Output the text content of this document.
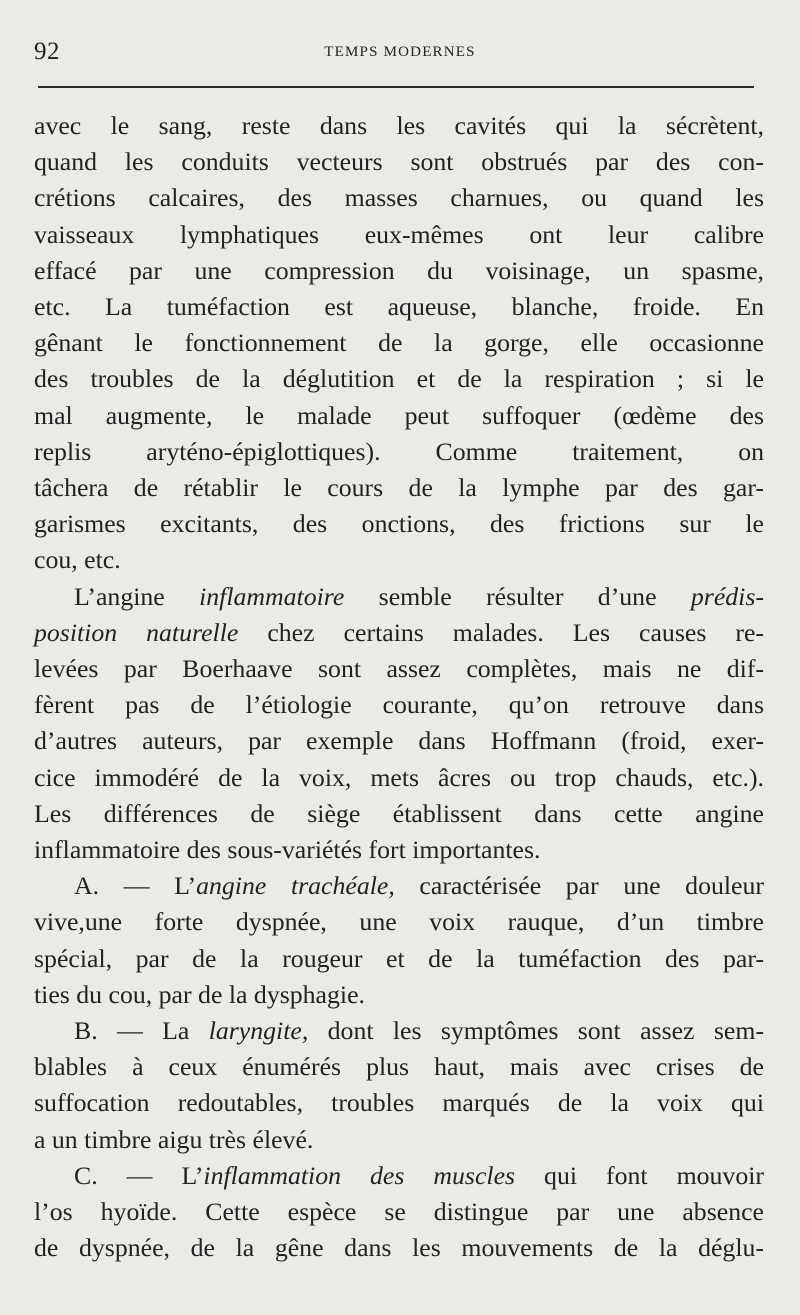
92	TEMPS MODERNES

avec le sang, reste dans les cavités qui la sécrètent,
quand les conduits vecteurs sont obstrués par des con-
crétions calcaires, des masses charnues, ou quand les
vaisseaux lymphatiques eux-mêmes ont leur calibre
effacé par une compression du voisinage, un spasme,
etc. La tuméfaction est aqueuse, blanche, froide. En
gênant le fonctionnement de la gorge, elle occasionne
des troubles de la déglutition et de la respiration ; si le
mal augmente, le malade peut suffoquer (œdème des
replis aryténo-épiglottiques). Comme traitement, on
tâchera de rétablir le cours de la lymphe par des gar-
garismes excitants, des onctions, des frictions sur le
cou, etc.

L’angine inflammatoire semble résulter d’une prédis-
position naturelle chez certains malades. Les causes re-
levées par Boerhaave sont assez complètes, mais ne dif-
fèrent pas de l’étiologie courante, qu’on retrouve dans
d’autres auteurs, par exemple dans Hoffmann (froid, exer-
cice immodéré de la voix, mets âcres ou trop chauds, etc.).
Les différences de siège établissent dans cette angine
inflammatoire des sous-variétés fort importantes.

A. — L’angine trachéale, caractérisée par une douleur
vive,une forte dyspnée, une voix rauque, d’un timbre
spécial, par de la rougeur et de la tuméfaction des par-
ties du cou, par de la dysphagie.

B. — La laryngite, dont les symptômes sont assez sem-
blables à ceux énumérés plus haut, mais avec crises de
suffocation redoutables, troubles marqués de la voix qui
a un timbre aigu très élevé.

C. — L’inflammation des muscles qui font mouvoir
l’os hyoïde. Cette espèce se distingue par une absence
de dyspnée, de la gêne dans les mouvements de la déglu-
